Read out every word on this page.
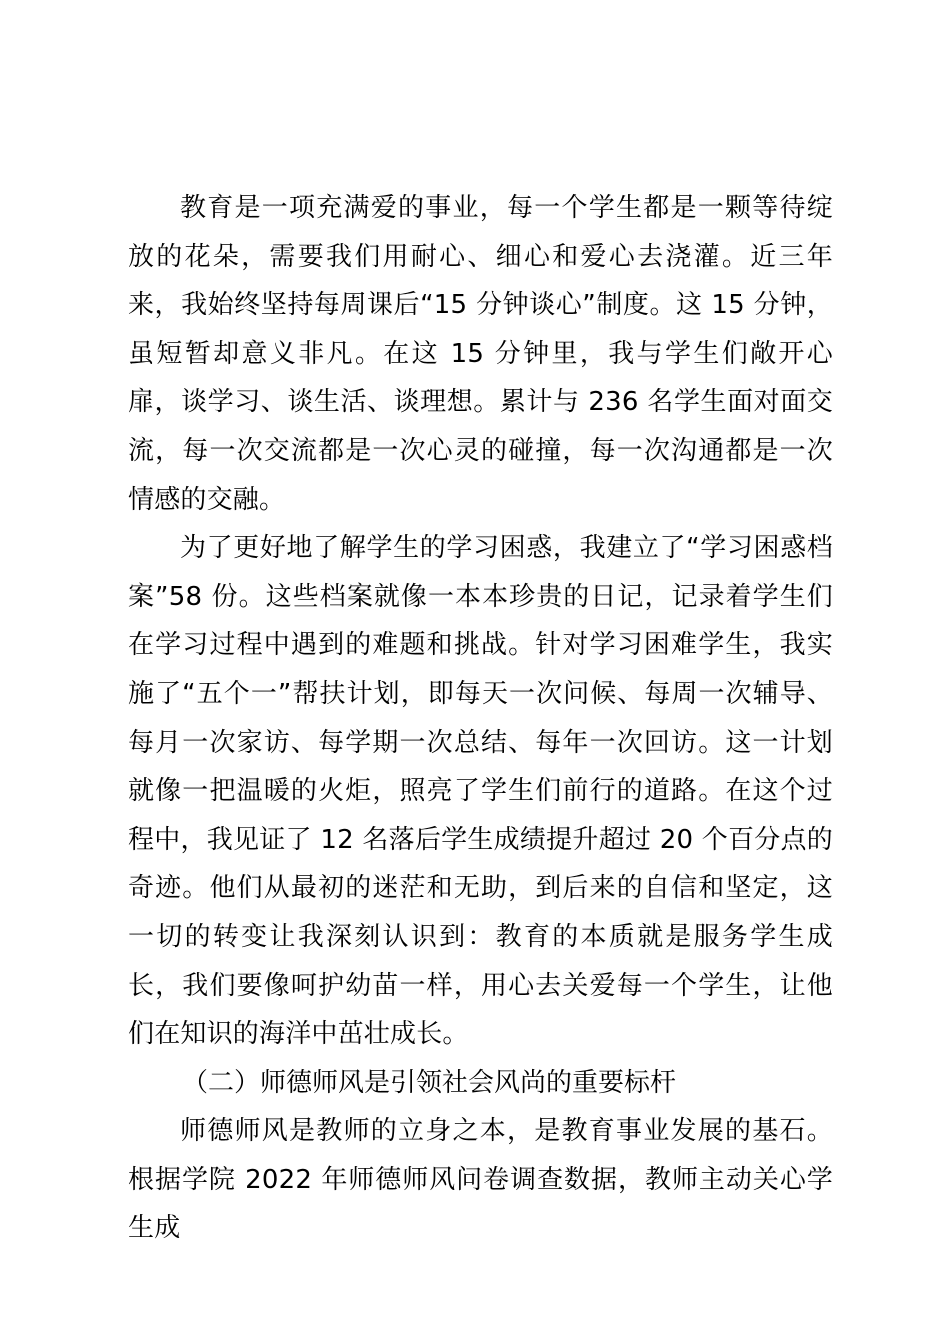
教育是一项充满爱的事业，每一个学生都是一颗等待绽放的花朵，需要我们用耐心、细心和爱心去浇灌。近三年来，我始终坚持每周课后“15 分钟谈心”制度。这 15 分钟，虽短暂却意义非凡。在这 15 分钟里，我与学生们敞开心扉，谈学习、谈生活、谈理想。累计与 236 名学生面对面交流，每一次交流都是一次心灵的碰撞，每一次沟通都是一次情感的交融。

为了更好地了解学生的学习困惑，我建立了“学习困惑档案”58 份。这些档案就像一本本珍贵的日记，记录着学生们在学习过程中遇到的难题和挑战。针对学习困难学生，我实施了“五个一”帮扶计划，即每天一次问候、每周一次辅导、每月一次家访、每学期一次总结、每年一次回访。这一计划就像一把温暖的火炬，照亮了学生们前行的道路。在这个过程中，我见证了 12 名落后学生成绩提升超过 20 个百分点的奇迹。他们从最初的迷茫和无助，到后来的自信和坚定，这一切的转变让我深刻认识到：教育的本质就是服务学生成长，我们要像呵护幼苗一样，用心去关爱每一个学生，让他们在知识的海洋中茁壮成长。

（二）师德师风是引领社会风尚的重要标杆

师德师风是教师的立身之本，是教育事业发展的基石。根据学院 2022 年师德师风问卷调查数据，教师主动关心学生成
